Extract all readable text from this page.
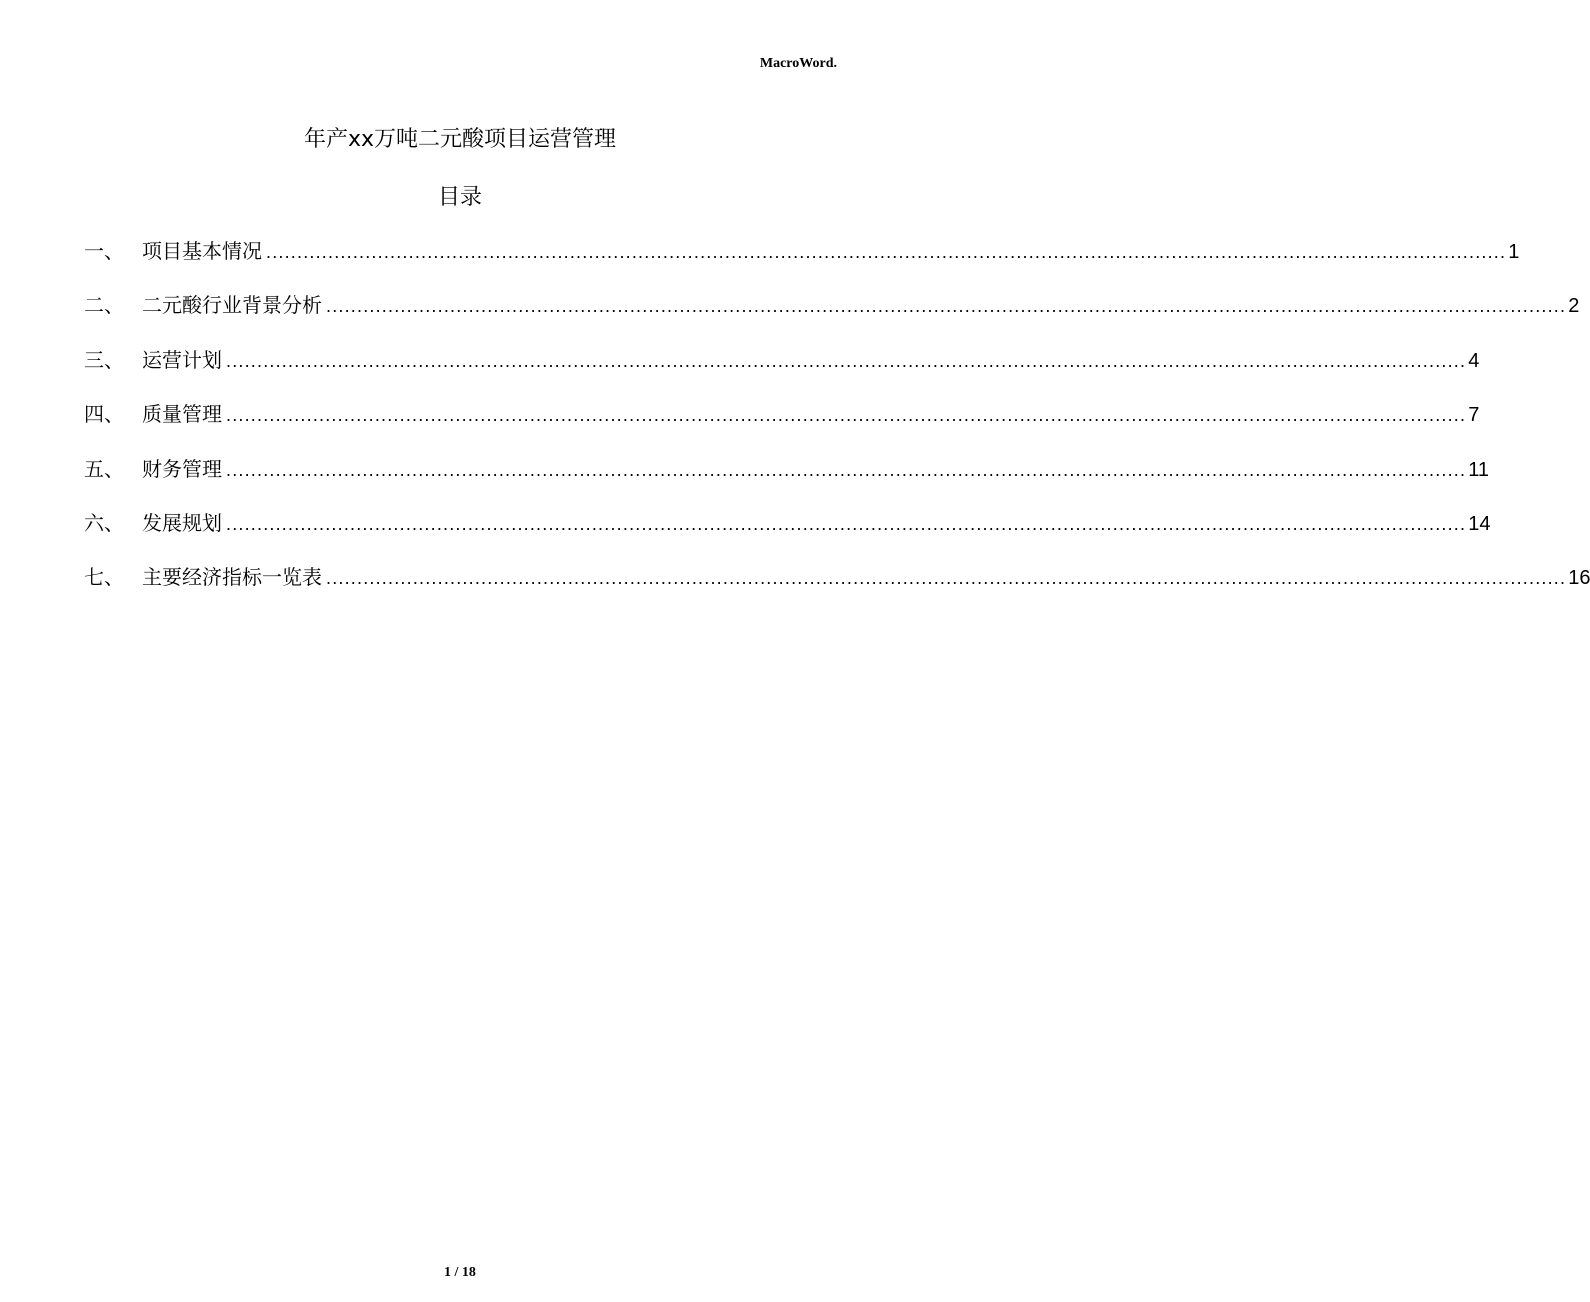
MacroWord.
年产xx万吨二元酸项目运营管理
目录
一、 项目基本情况 ........................................................................................................................................................................................................ 1
二、 二元酸行业背景分析 ........................................................................................................................................................................................................ 2
三、 运营计划 ........................................................................................................................................................................................................ 4
四、 质量管理 ........................................................................................................................................................................................................ 7
五、 财务管理 ........................................................................................................................................................................................................ 11
六、 发展规划 ........................................................................................................................................................................................................ 14
七、 主要经济指标一览表 ........................................................................................................................................................................................................ 16
1 / 18
